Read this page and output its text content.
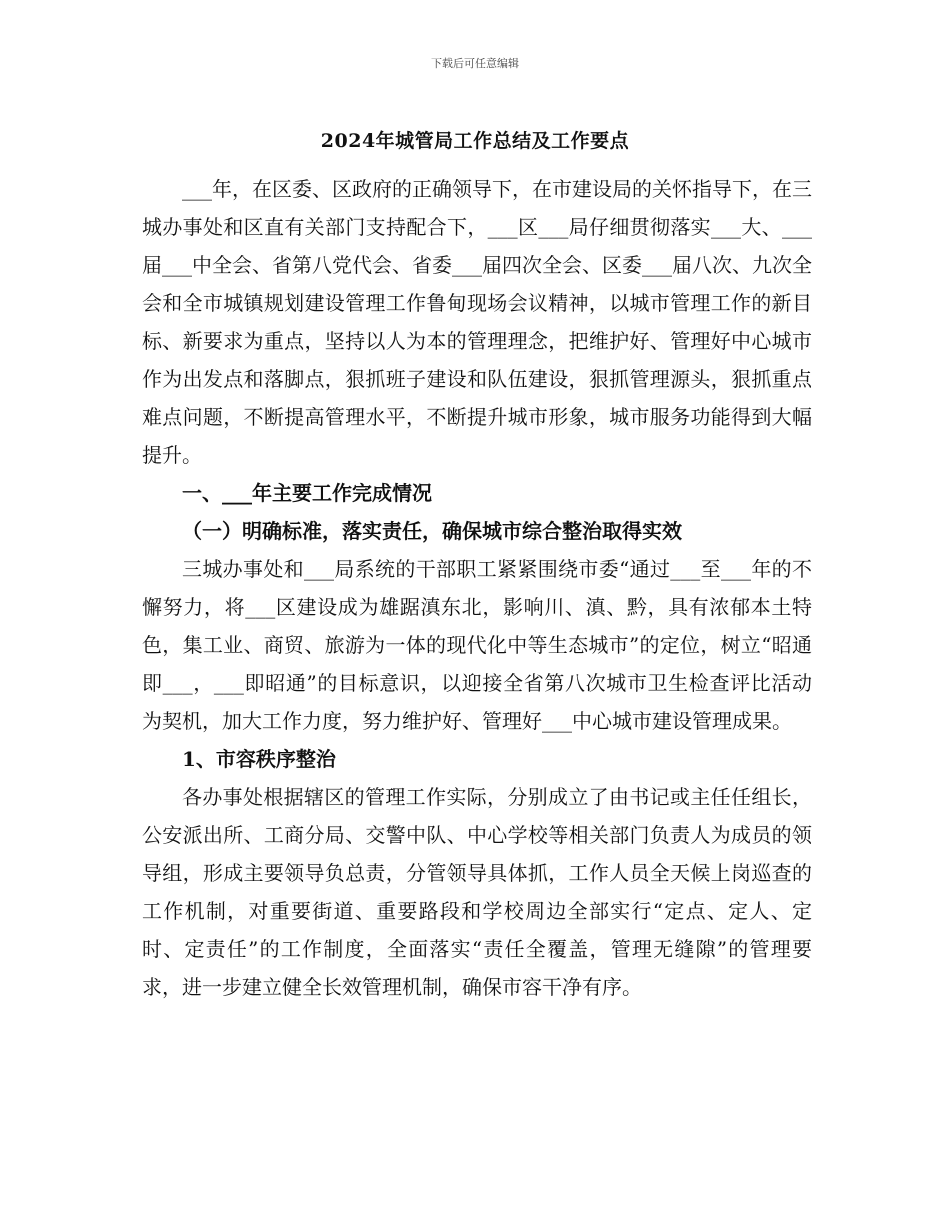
下载后可任意编辑
2024年城管局工作总结及工作要点

___年，在区委、区政府的正确领导下，在市建设局的关怀指导下，在三城办事处和区直有关部门支持配合下，___区___局仔细贯彻落实___大、___届___中全会、省第八党代会、省委___届四次全会、区委___届八次、九次全会和全市城镇规划建设管理工作鲁甸现场会议精神，以城市管理工作的新目标、新要求为重点，坚持以人为本的管理理念，把维护好、管理好中心城市作为出发点和落脚点，狠抓班子建设和队伍建设，狠抓管理源头，狠抓重点难点问题，不断提高管理水平，不断提升城市形象，城市服务功能得到大幅提升。

一、___年主要工作完成情况

（一）明确标准，落实责任，确保城市综合整治取得实效

三城办事处和___局系统的干部职工紧紧围绕市委“通过___至___年的不懈努力，将___区建设成为雄踞滇东北，影响川、滇、黔，具有浓郁本土特色，集工业、商贸、旅游为一体的现代化中等生态城市”的定位，树立“昭通即___，___即昭通”的目标意识，以迎接全省第八次城市卫生检查评比活动为契机，加大工作力度，努力维护好、管理好___中心城市建设管理成果。

1、市容秩序整治

各办事处根据辖区的管理工作实际，分别成立了由书记或主任任组长，公安派出所、工商分局、交警中队、中心学校等相关部门负责人为成员的领导组，形成主要领导负总责，分管领导具体抓，工作人员全天候上岗巡查的工作机制，对重要街道、重要路段和学校周边全部实行“定点、定人、定时、定责任”的工作制度，全面落实“责任全覆盖，管理无缝隙”的管理要求，进一步建立健全长效管理机制，确保市容干净有序。
